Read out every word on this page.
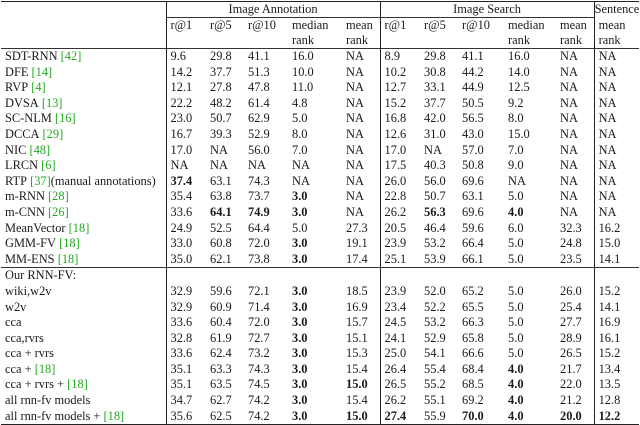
	Image Annotation					Image Search					Sentence
	r@1	r@5	r@10	median	mean	r@1	r@5	r@10	median	mean	mean
				rank	rank				rank	rank	rank
SDT-RNN [42]	9.6	29.8	41.1	16.0	NA	8.9	29.8	41.1	16.0	NA	NA
DFE [14]	14.2	37.7	51.3	10.0	NA	10.2	30.8	44.2	14.0	NA	NA
RVP [4]	12.1	27.8	47.8	11.0	NA	12.7	33.1	44.9	12.5	NA	NA
DVSA [13]	22.2	48.2	61.4	4.8	NA	15.2	37.7	50.5	9.2	NA	NA
SC-NLM [16]	23.0	50.7	62.9	5.0	NA	16.8	42.0	56.5	8.0	NA	NA
DCCA [29]	16.7	39.3	52.9	8.0	NA	12.6	31.0	43.0	15.0	NA	NA
NIC [48]	17.0	NA	56.0	7.0	NA	17.0	NA	57.0	7.0	NA	NA
LRCN [6]	NA	NA	NA	NA	NA	17.5	40.3	50.8	9.0	NA	NA
RTP [37](manual annotations)	37.4	63.1	74.3	NA	NA	26.0	56.0	69.6	NA	NA	NA
m-RNN [28]	35.4	63.8	73.7	3.0	NA	22.8	50.7	63.1	5.0	NA	NA
m-CNN [26]	33.6	64.1	74.9	3.0	NA	26.2	56.3	69.6	4.0	NA	NA
MeanVector [18]	24.9	52.5	64.4	5.0	27.3	20.5	46.4	59.6	6.0	32.3	16.2
GMM-FV [18]	33.0	60.8	72.0	3.0	19.1	23.9	53.2	66.4	5.0	24.8	15.0
MM-ENS [18]	35.0	62.1	73.8	3.0	17.4	25.1	53.9	66.1	5.0	23.5	14.1
Our RNN-FV:											
wiki,w2v	32.9	59.6	72.1	3.0	18.5	23.9	52.0	65.2	5.0	26.0	15.2
w2v	32.9	60.9	71.4	3.0	16.9	23.4	52.2	65.5	5.0	25.4	14.1
cca	33.6	60.4	72.0	3.0	15.7	24.5	53.2	66.3	5.0	27.7	16.9
cca,rvrs	32.8	61.9	72.7	3.0	15.1	24.1	52.9	65.8	5.0	28.9	16.1
cca + rvrs	33.6	62.4	73.2	3.0	15.3	25.0	54.1	66.6	5.0	26.5	15.2
cca + [18]	35.1	63.3	74.3	3.0	15.4	26.4	55.4	68.4	4.0	21.7	13.4
cca + rvrs + [18]	35.1	63.5	74.5	3.0	15.0	26.5	55.2	68.5	4.0	22.0	13.5
all rnn-fv models	34.7	62.7	74.2	3.0	15.4	26.2	55.1	69.2	4.0	21.2	12.8
all rnn-fv models + [18]	35.6	62.5	74.2	3.0	15.0	27.4	55.9	70.0	4.0	20.0	12.2
